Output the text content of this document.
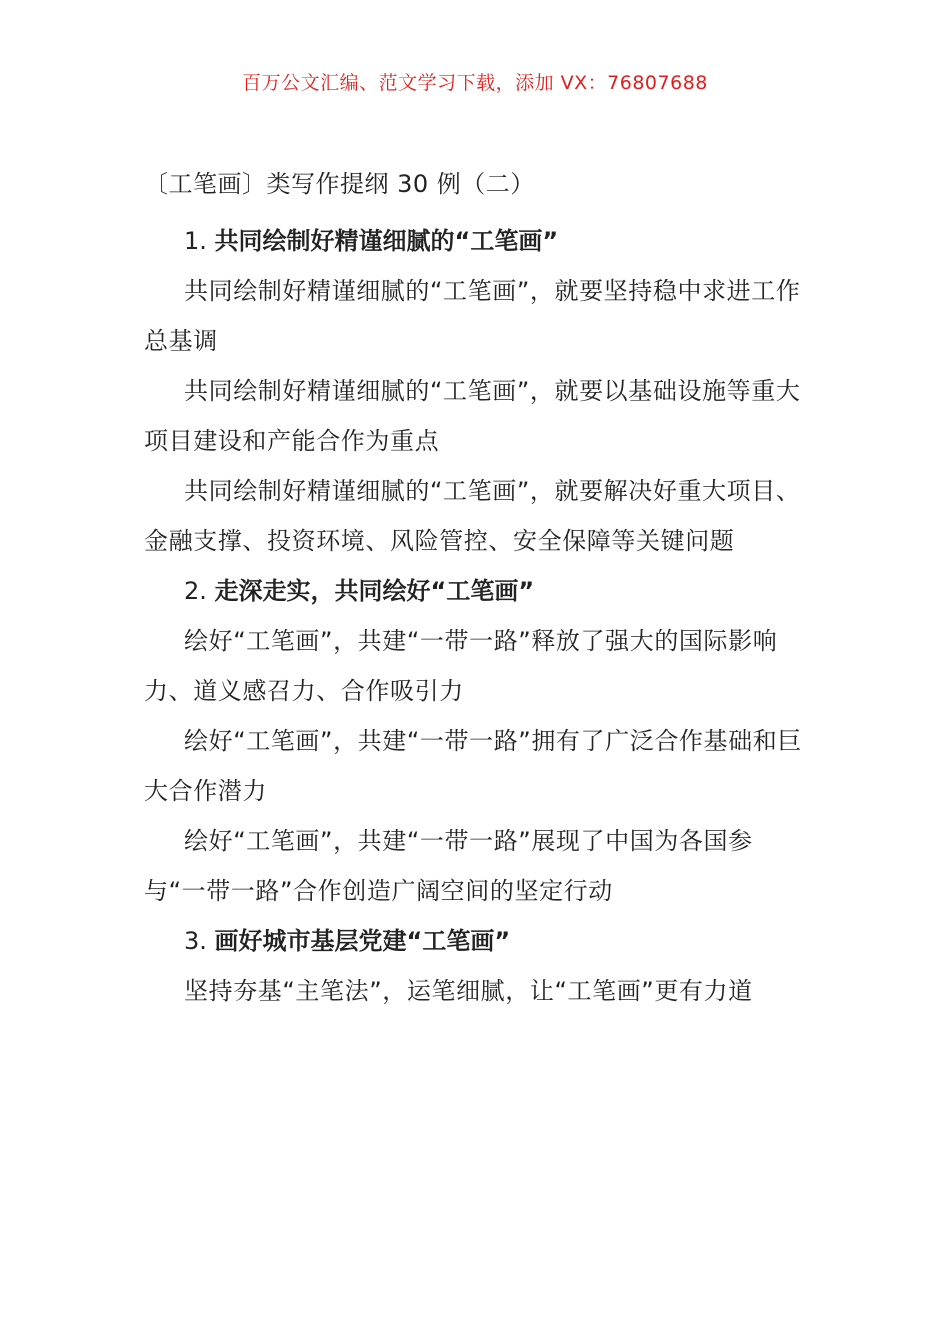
百万公文汇编、范文学习下载，添加 VX：76807688
〔工笔画〕类写作提纲 30 例（二）

1. 共同绘制好精谨细腻的“工笔画”

共同绘制好精谨细腻的“工笔画”，就要坚持稳中求进工作总基调

共同绘制好精谨细腻的“工笔画”，就要以基础设施等重大项目建设和产能合作为重点

共同绘制好精谨细腻的“工笔画”，就要解决好重大项目、金融支撑、投资环境、风险管控、安全保障等关键问题

2. 走深走实，共同绘好“工笔画”

绘好“工笔画”，共建“一带一路”释放了强大的国际影响力、道义感召力、合作吸引力

绘好“工笔画”，共建“一带一路”拥有了广泛合作基础和巨大合作潜力

绘好“工笔画”，共建“一带一路”展现了中国为各国参与“一带一路”合作创造广阔空间的坚定行动

3. 画好城市基层党建“工笔画”

坚持夯基“主笔法”，运笔细腻，让“工笔画”更有力道
